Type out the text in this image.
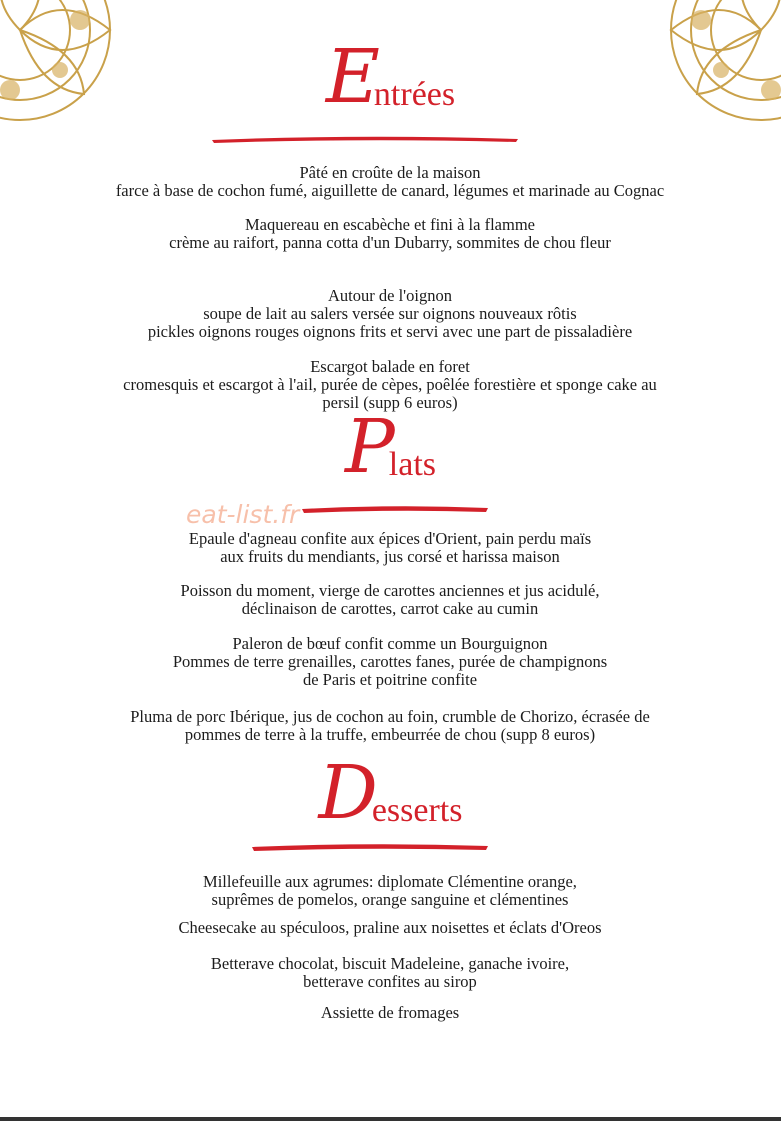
Entrées
Pâté en croûte de la maison
farce à base de cochon fumé, aiguillette de canard, légumes et marinade au Cognac
Maquereau en escabèche et fini à la flamme
crème au raifort, panna cotta d'un Dubarry, sommites de chou fleur
Autour de l'oignon
soupe de lait au salers versée sur oignons nouveaux rôtis
pickles oignons rouges oignons frits et servi avec une part de pissaladière
Escargot balade en foret
cromesquis et escargot à l'ail, purée de cèpes, poêlée forestière et sponge cake au
persil (supp 6 euros)
Plats
eat-list.fr
Epaule d'agneau confite aux épices d'Orient, pain perdu maïs
aux fruits du mendiants, jus corsé et harissa maison
Poisson du moment, vierge de carottes anciennes et jus acidulé,
déclinaison de carottes, carrot cake au cumin
Paleron de bœuf confit comme un Bourguignon
Pommes de terre grenailles, carottes fanes, purée de champignons
de Paris et poitrine confite
Pluma de porc Ibérique, jus de cochon au foin, crumble de Chorizo, écrasée de
pommes de terre à la truffe, embeurrée de chou (supp 8 euros)
Desserts
Millefeuille aux agrumes: diplomate Clémentine orange,
suprêmes de pomelos, orange sanguine et clémentines
Cheesecake au spéculoos, praline aux noisettes et éclats d'Oreos
Betterave chocolat, biscuit Madeleine, ganache ivoire,
betterave confites au sirop
Assiette de fromages
